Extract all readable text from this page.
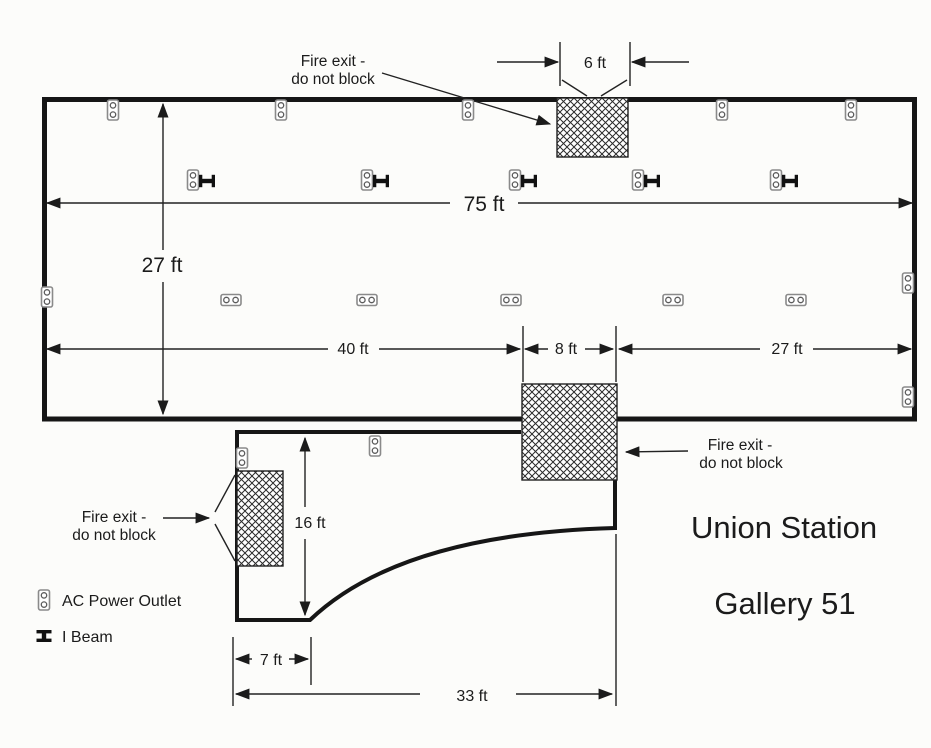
Fire exit -
do not block
6 ft
75 ft
27 ft
40 ft	8 ft	27 ft
16 ft
7 ft
33 ft
Fire exit -
do not block
Fire exit -
do not block	Union Station
Gallery 51
AC Power Outlet
I Beam
